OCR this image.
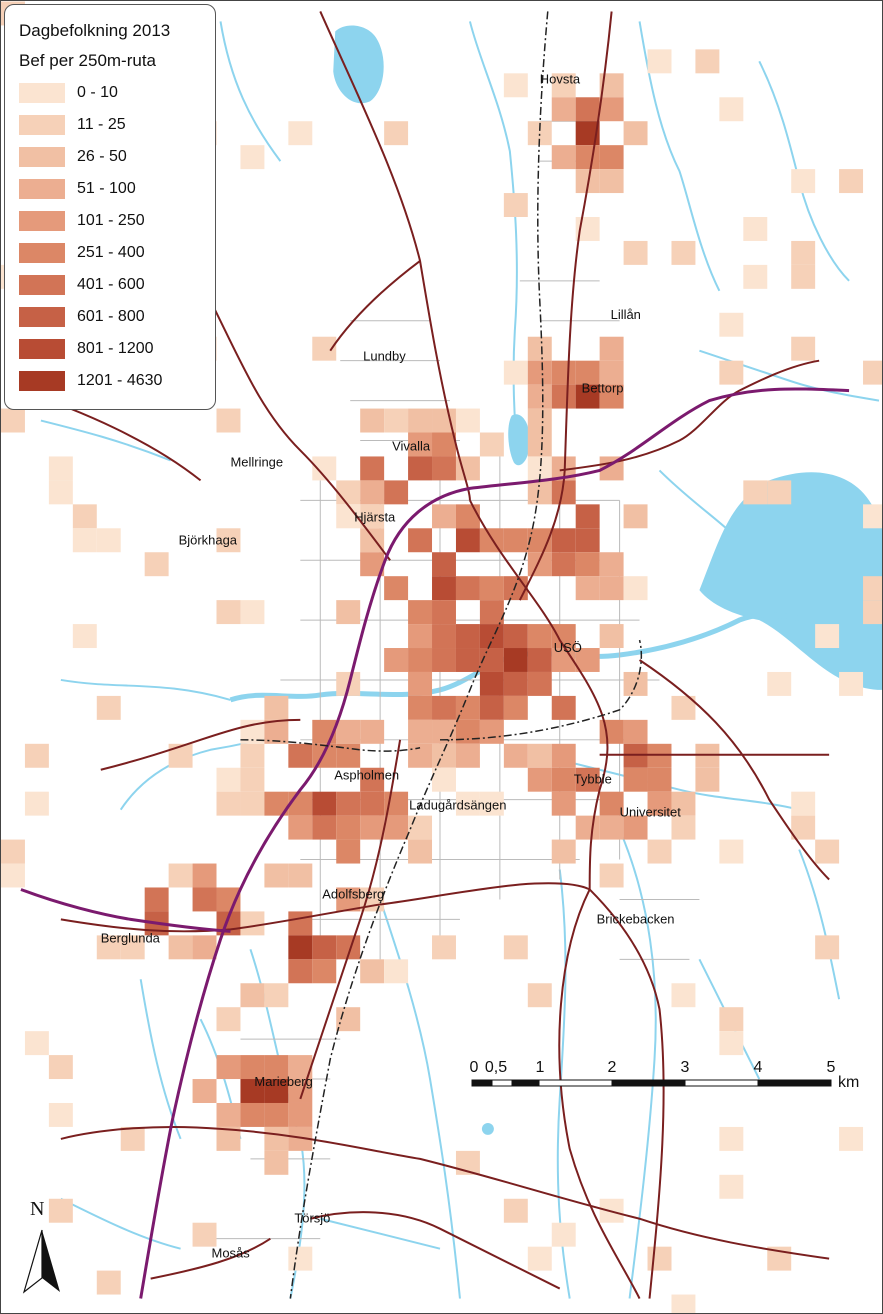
Hovsta
Lillån
Lundby
Bettorp
Vivalla
Mellringe
Hjärsta
Björkhaga
USÖ
Aspholmen
Ladugårdsängen
Tybble
Universitet
Adolfsberg
Brickebacken
Berglunda
Marieberg
Törsjö
Mosås
Dagbefolkning 2013
Bef per 250m-ruta
0 - 10
11 - 25
26 - 50
51 - 100
101 - 250
251 - 400
401 - 600
601 - 800
801 - 1200
1201 - 4630
N
0 0,5 1	2	3	4	5
km
